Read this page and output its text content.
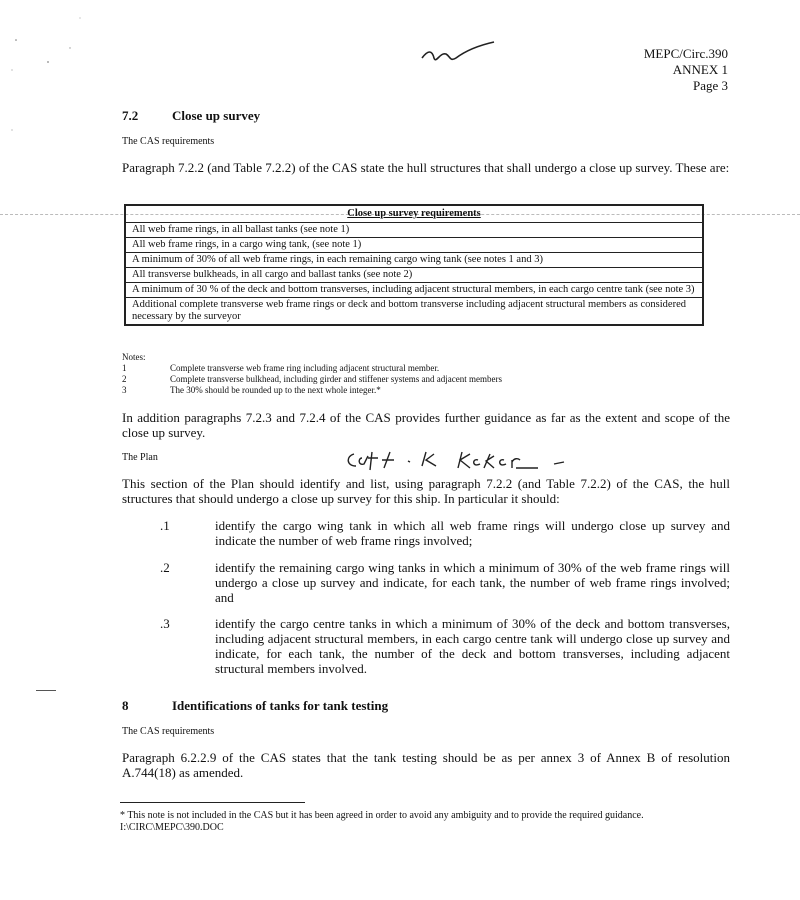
MEPC/Circ.390
ANNEX 1
Page 3
7.2	Close up survey
The CAS requirements
Paragraph 7.2.2 (and Table 7.2.2) of the CAS state the hull structures that shall undergo a close up survey. These are:
Close up survey requirements
All web frame rings, in all ballast tanks (see note 1)
All web frame rings, in a cargo wing tank, (see note 1)
A minimum of 30% of all web frame rings, in each remaining cargo wing tank (see notes 1 and 3)
All transverse bulkheads, in all cargo and ballast tanks (see note 2)
A minimum of 30 % of the deck and bottom transverses, including adjacent structural members, in each cargo centre tank (see note 3)
Additional complete transverse web frame rings or deck and bottom transverse including adjacent structural members as considered necessary by the surveyor
Notes:
1	Complete transverse web frame ring including adjacent structural member.
2	Complete transverse bulkhead, including girder and stiffener systems and adjacent members
3	The 30% should be rounded up to the next whole integer.*
In addition paragraphs 7.2.3 and 7.2.4 of the CAS provides further guidance as far as the extent and scope of the close up survey.
The Plan
This section of the Plan should identify and list, using paragraph 7.2.2 (and Table 7.2.2) of the CAS, the hull structures that should undergo a close up survey for this ship. In particular it should:
.1	identify the cargo wing tank in which all web frame rings will undergo close up survey and indicate the number of web frame rings involved;
.2	identify the remaining cargo wing tanks in which a minimum of 30% of the web frame rings will undergo a close up survey and indicate, for each tank, the number of web frame rings involved; and
.3	identify the cargo centre tanks in which a minimum of 30% of the deck and bottom transverses, including adjacent structural members, in each cargo centre tank will undergo close up survey and indicate, for each tank, the number of the deck and bottom transverses, including adjacent structural members involved.
8	Identifications of tanks for tank testing
The CAS requirements
Paragraph 6.2.2.9 of the CAS states that the tank testing should be as per annex 3 of Annex B of resolution A.744(18) as amended.
* This note is not included in the CAS but it has been agreed in order to avoid any ambiguity and to provide the required guidance.
I:\CIRC\MEPC\390.DOC
